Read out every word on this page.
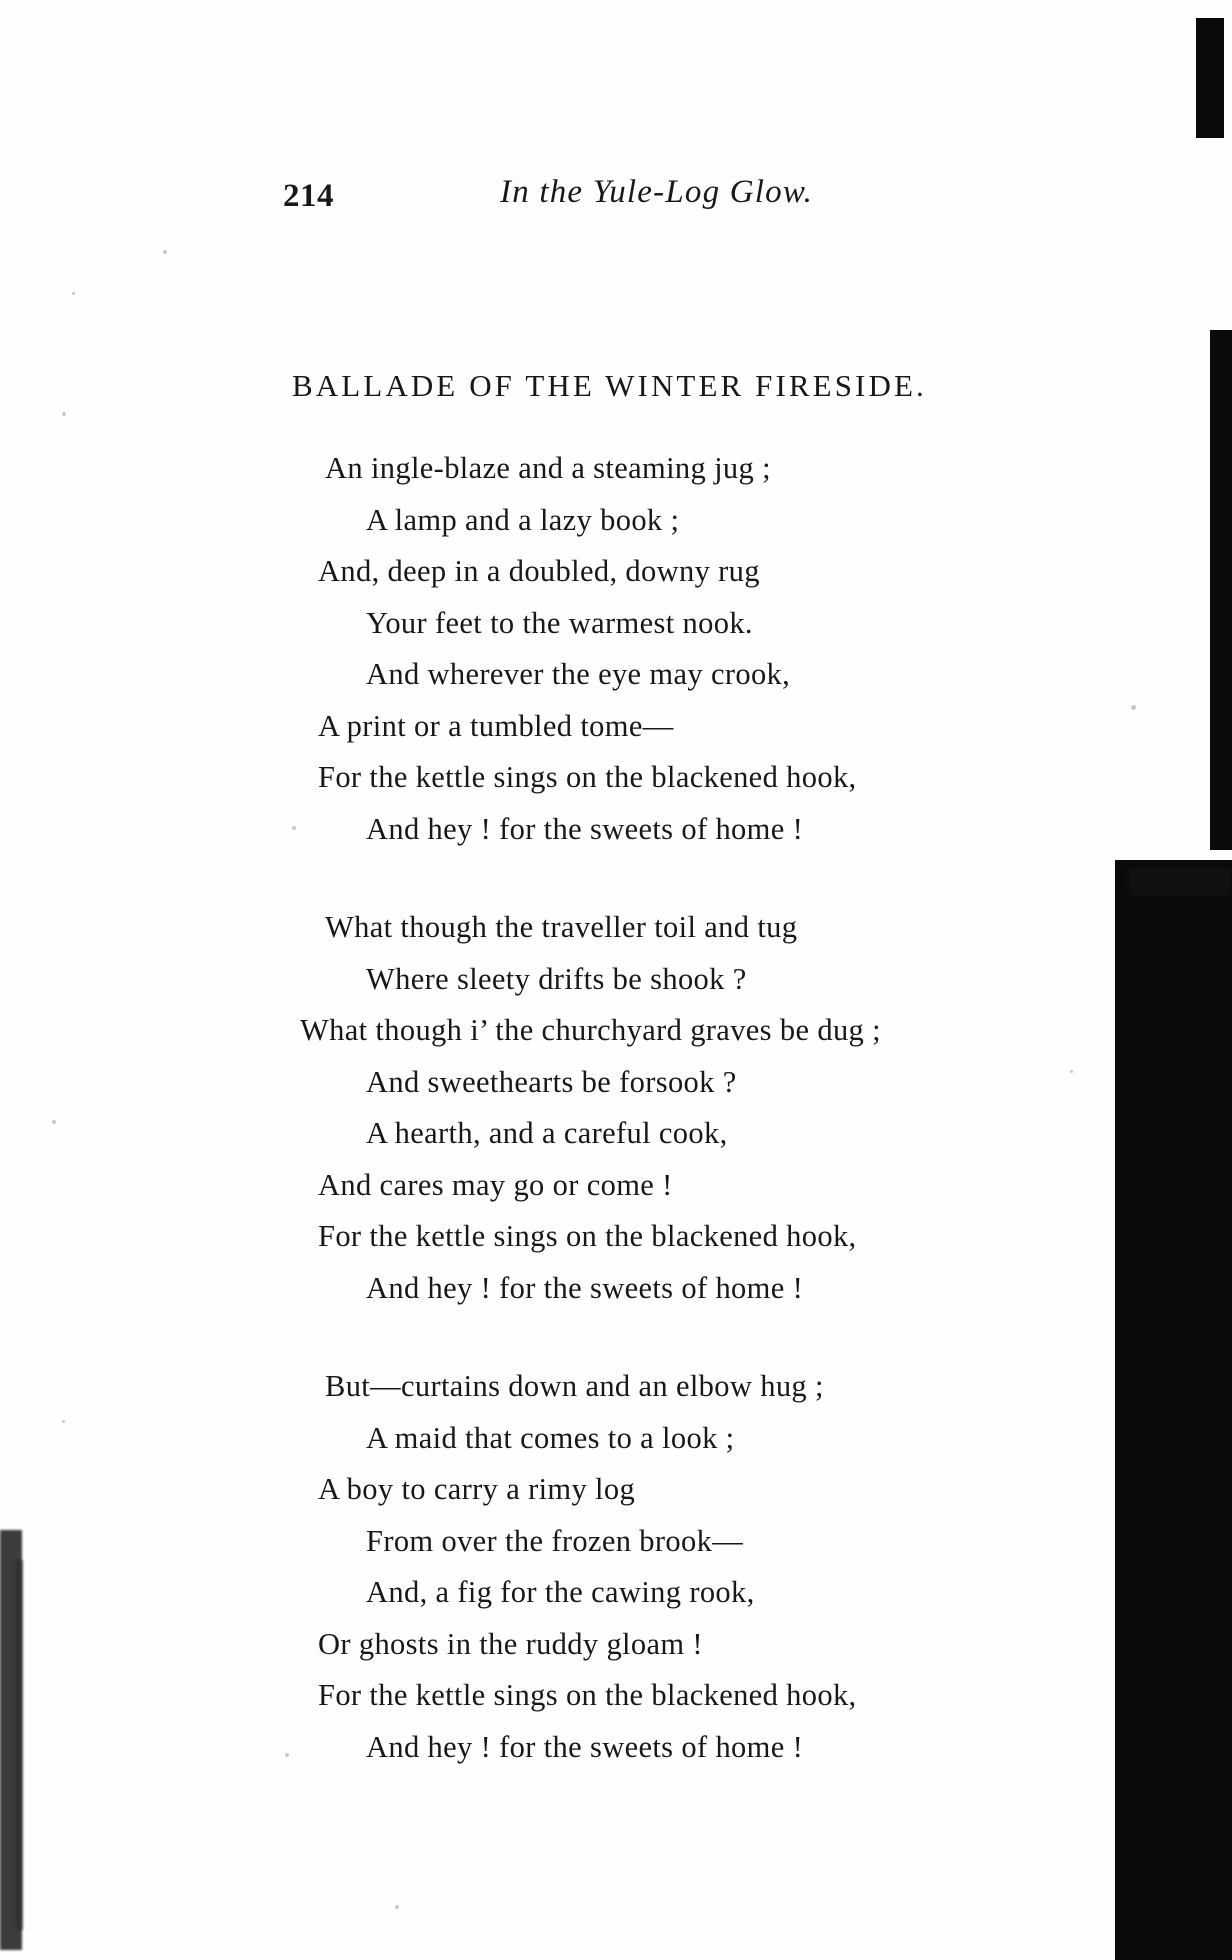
214	In the Yule-Log Glow.
BALLADE OF THE WINTER FIRESIDE.
An ingle-blaze and a steaming jug ;
A lamp and a lazy book ;
And, deep in a doubled, downy rug
Your feet to the warmest nook.
And wherever the eye may crook,
A print or a tumbled tome—
For the kettle sings on the blackened hook,
And hey ! for the sweets of home !
What though the traveller toil and tug
Where sleety drifts be shook ?
What though i’ the churchyard graves be dug ;
And sweethearts be forsook ?
A hearth, and a careful cook,
And cares may go or come !
For the kettle sings on the blackened hook,
And hey ! for the sweets of home !
But—curtains down and an elbow hug ;
A maid that comes to a look ;
A boy to carry a rimy log
From over the frozen brook—
And, a fig for the cawing rook,
Or ghosts in the ruddy gloam !
For the kettle sings on the blackened hook,
And hey ! for the sweets of home !
